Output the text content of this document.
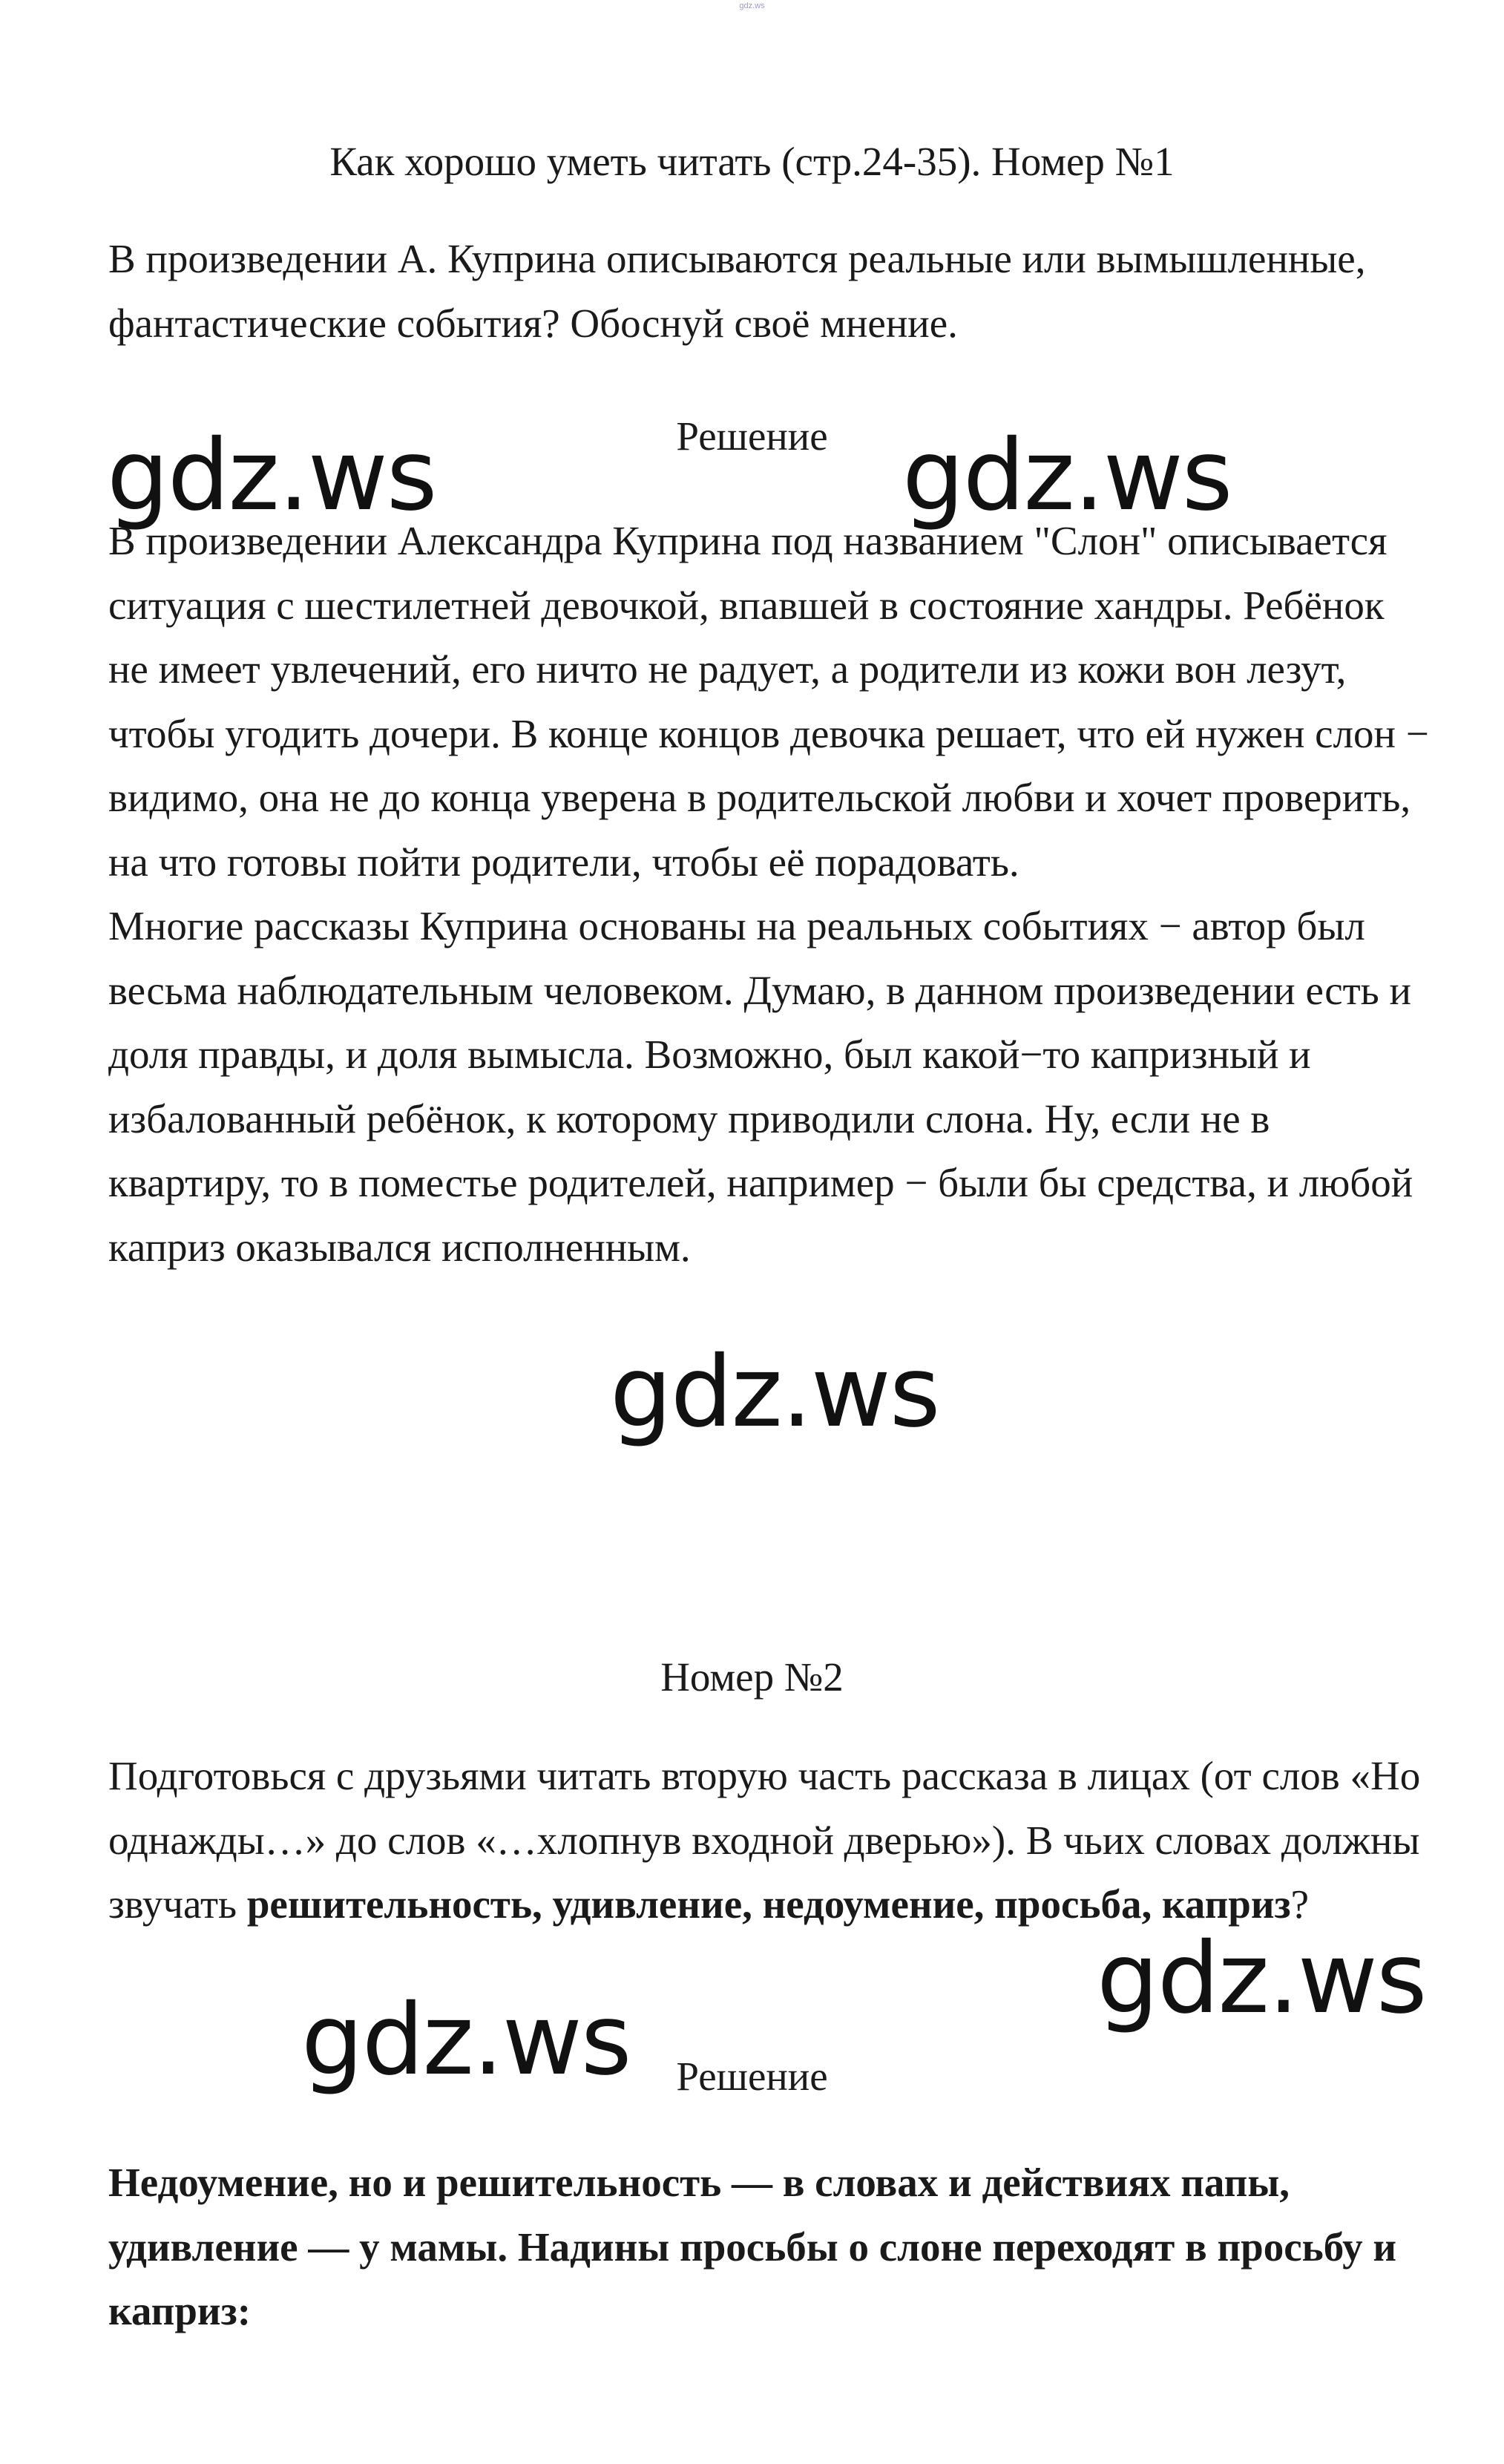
gdz.ws
Как хорошо уметь читать (стр.24-35). Номер №1

В произведении А. Куприна описываются реальные или вымышленные, фантастические события? Обоснуй своё мнение.

Решение
gdz.ws	gdz.ws

В произведении Александра Куприна под названием "Слон" описывается ситуация с шестилетней девочкой, впавшей в состояние хандры. Ребёнок не имеет увлечений, его ничто не радует, а родители из кожи вон лезут, чтобы угодить дочери. В конце концов девочка решает, что ей нужен слон − видимо, она не до конца уверена в родительской любви и хочет проверить, на что готовы пойти родители, чтобы её порадовать.

Многие рассказы Куприна основаны на реальных событиях − автор был весьма наблюдательным человеком. Думаю, в данном произведении есть и доля правды, и доля вымысла. Возможно, был какой−то капризный и избалованный ребёнок, к которому приводили слона. Ну, если не в квартиру, то в поместье родителей, например − были бы средства, и любой каприз оказывался исполненным.

gdz.ws
Номер №2

Подготовься с друзьями читать вторую часть рассказа в лицах (от слов «Но однажды…» до слов «…хлопнув входной дверью»). В чьих словах должны звучать решительность, удивление, недоумение, просьба, каприз?

gdz.ws
gdz.ws	Решение

Недоумение, но и решительность — в словах и действиях папы, удивление — у мамы. Надины просьбы о слоне переходят в просьбу и каприз:
